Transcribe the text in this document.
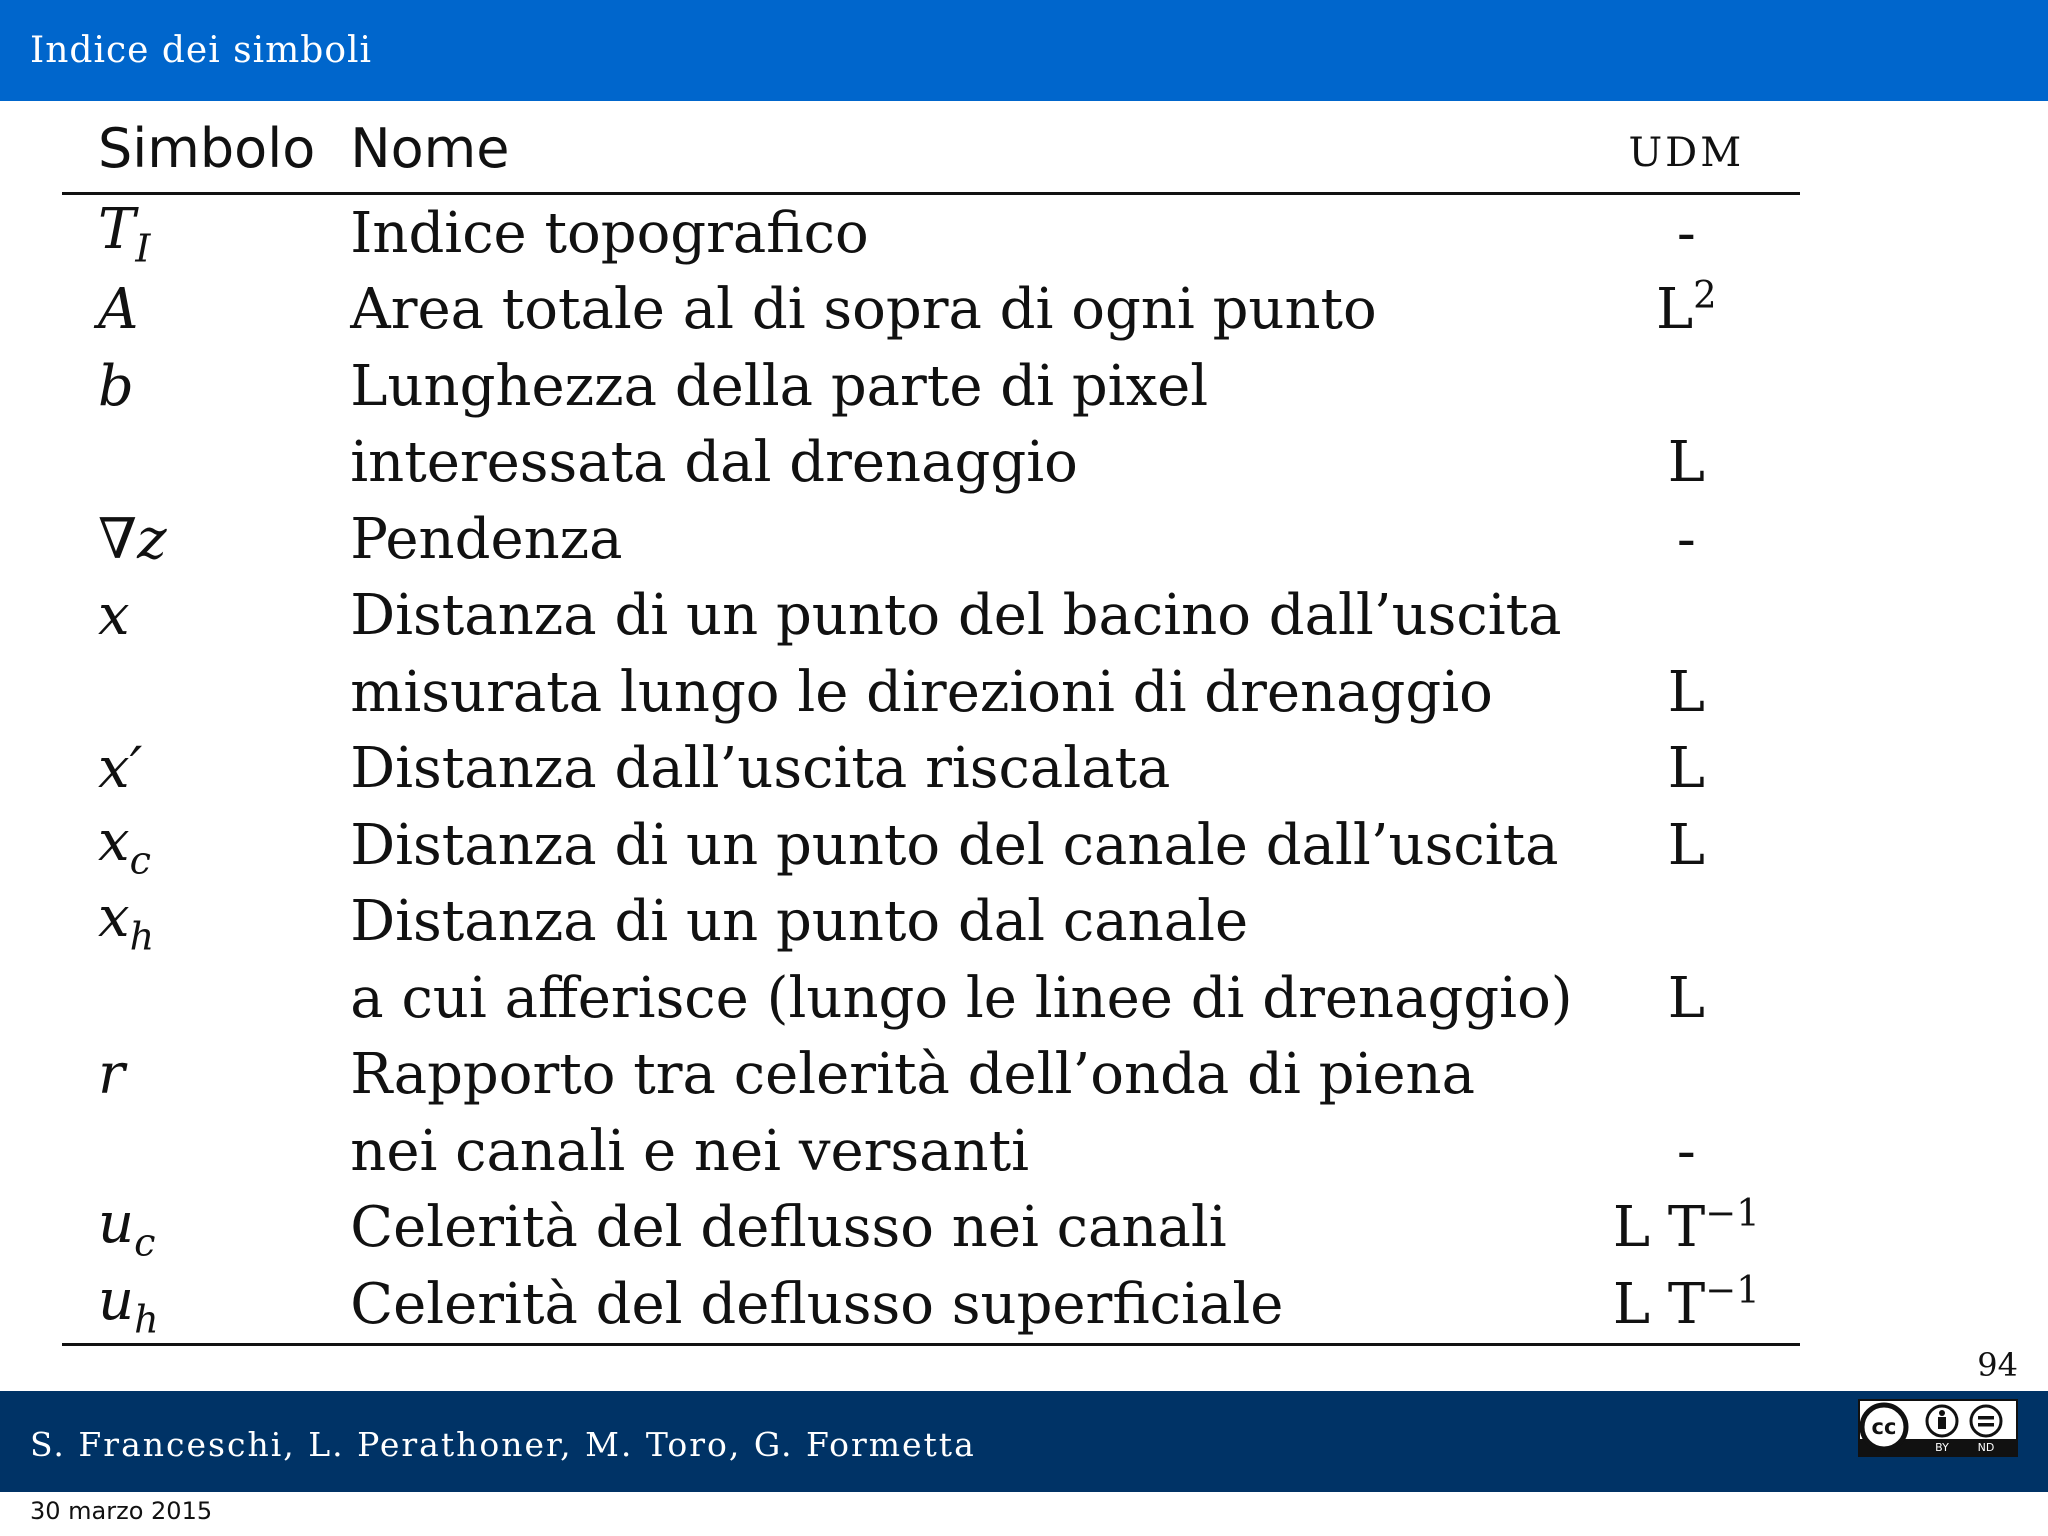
Indice dei simboli
Simbolo	Nome	UDM
$T_I$	Indice topografico	-
A	Area totale al di sopra di ogni punto	$L^2$
b	Lunghezza della parte di pixel	
	interessata dal drenaggio	L
∇z	Pendenza	-
x	Distanza di un punto del bacino dall’uscita	
	misurata lungo le direzioni di drenaggio	L
x′	Distanza dall’uscita riscalata	L
$x_c$	Distanza di un punto del canale dall’uscita	L
$x_h$	Distanza di un punto dal canale	
	a cui afferisce (lungo le linee di drenaggio)	L
r	Rapporto tra celerità dell’onda di piena	
	nei canali e nei versanti	-
$u_c$	Celerità del deflusso nei canali	L $T^{-1}$
$u_h$	Celerità del deflusso superficiale	L $T^{-1}$
94
S. Franceschi, L. Perathoner, M. Toro, G. Formetta	cc
BY	ND
30 marzo 2015
